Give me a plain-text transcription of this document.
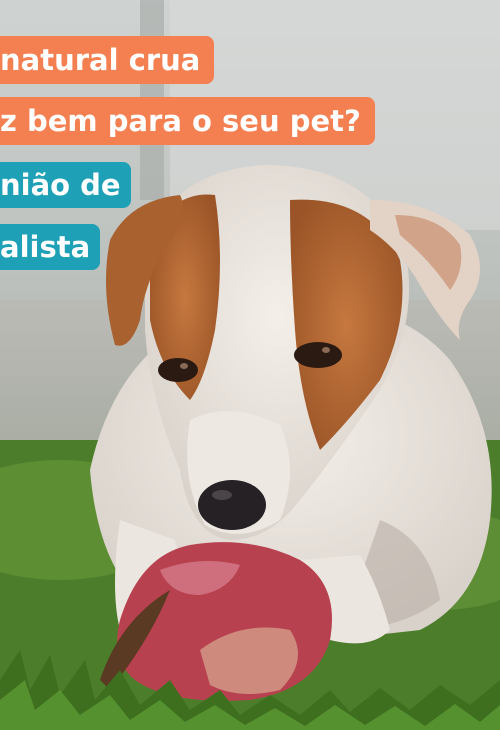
natural crua
z bem para o seu pet?
nião de
alista
